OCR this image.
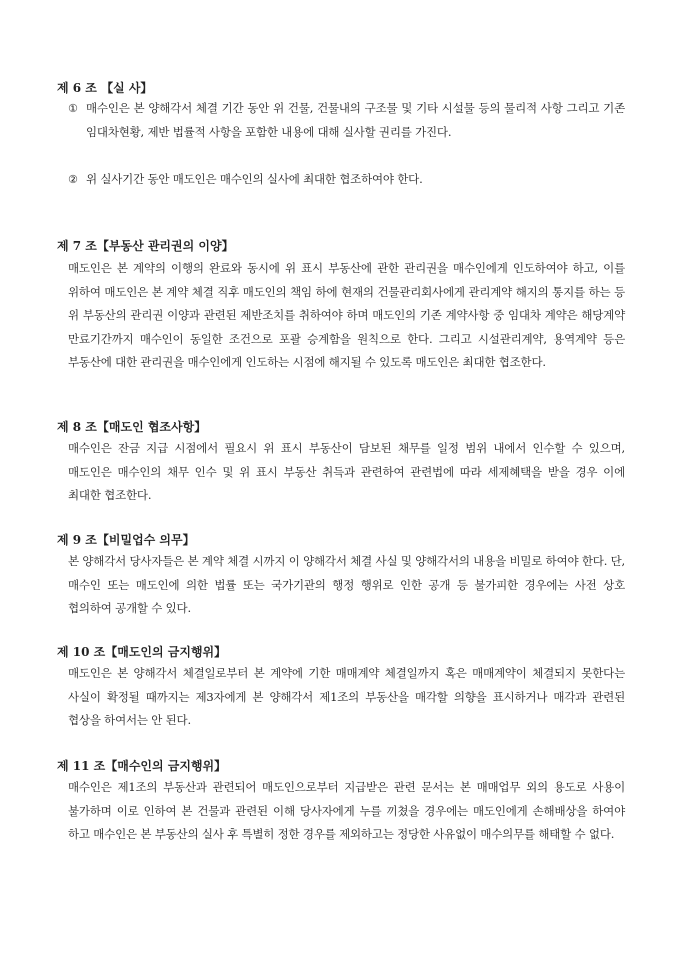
제 6 조 【실 사】
① 매수인은 본 양해각서 체결 기간 동안 위 건물, 건물내의 구조물 및 기타 시설물 등의 물리적 사항 그리고 기존 임대차현황, 제반 법률적 사항을 포함한 내용에 대해 실사할 권리를 가진다.
② 위 실사기간 동안 매도인은 매수인의 실사에 최대한 협조하여야 한다.
제 7 조【부동산 관리권의 이양】
매도인은 본 계약의 이행의 완료와 동시에 위 표시 부동산에 관한 관리권을 매수인에게 인도하여야 하고, 이를 위하여 매도인은 본 계약 체결 직후 매도인의 책임 하에 현재의 건물관리회사에게 관리계약 해지의 통지를 하는 등 위 부동산의 관리권 이양과 관련된 제반조치를 취하여야 하며 매도인의 기존 계약사항 중 임대차 계약은 해당계약 만료기간까지 매수인이 동일한 조건으로 포괄 승계함을 원칙으로 한다. 그리고 시설관리계약, 용역계약 등은 부동산에 대한 관리권을 매수인에게 인도하는 시점에 해지될 수 있도록 매도인은 최대한 협조한다.
제 8 조【매도인 협조사항】
매수인은 잔금 지급 시점에서 필요시 위 표시 부동산이 담보된 채무를 일정 범위 내에서 인수할 수 있으며, 매도인은 매수인의 채무 인수 및 위 표시 부동산 취득과 관련하여 관련법에 따라 세제혜택을 받을 경우 이에 최대한 협조한다.
제 9 조【비밀업수 의무】
본 양해각서 당사자들은 본 계약 체결 시까지 이 양해각서 체결 사실 및 양해각서의 내용을 비밀로 하여야 한다. 단, 매수인 또는 매도인에 의한 법률 또는 국가기관의 행정 행위로 인한 공개 등 불가피한 경우에는 사전 상호 협의하여 공개할 수 있다.
제 10 조【매도인의 금지행위】
매도인은 본 양해각서 체결일로부터 본 계약에 기한 매매계약 체결일까지 혹은 매매계약이 체결되지 못한다는 사실이 확정될 때까지는 제3자에게 본 양해각서 제1조의 부동산을 매각할 의향을 표시하거나 매각과 관련된 협상을 하여서는 안 된다.
제 11 조【매수인의 금지행위】
매수인은 제1조의 부동산과 관련되어 매도인으로부터 지급받은 관련 문서는 본 매매업무 외의 용도로 사용이 불가하며 이로 인하여 본 건물과 관련된 이해 당사자에게 누를 끼쳤을 경우에는 매도인에게 손해배상을 하여야 하고 매수인은 본 부동산의 실사 후 특별히 정한 경우를 제외하고는 정당한 사유없이 매수의무를 해태할 수 없다.
